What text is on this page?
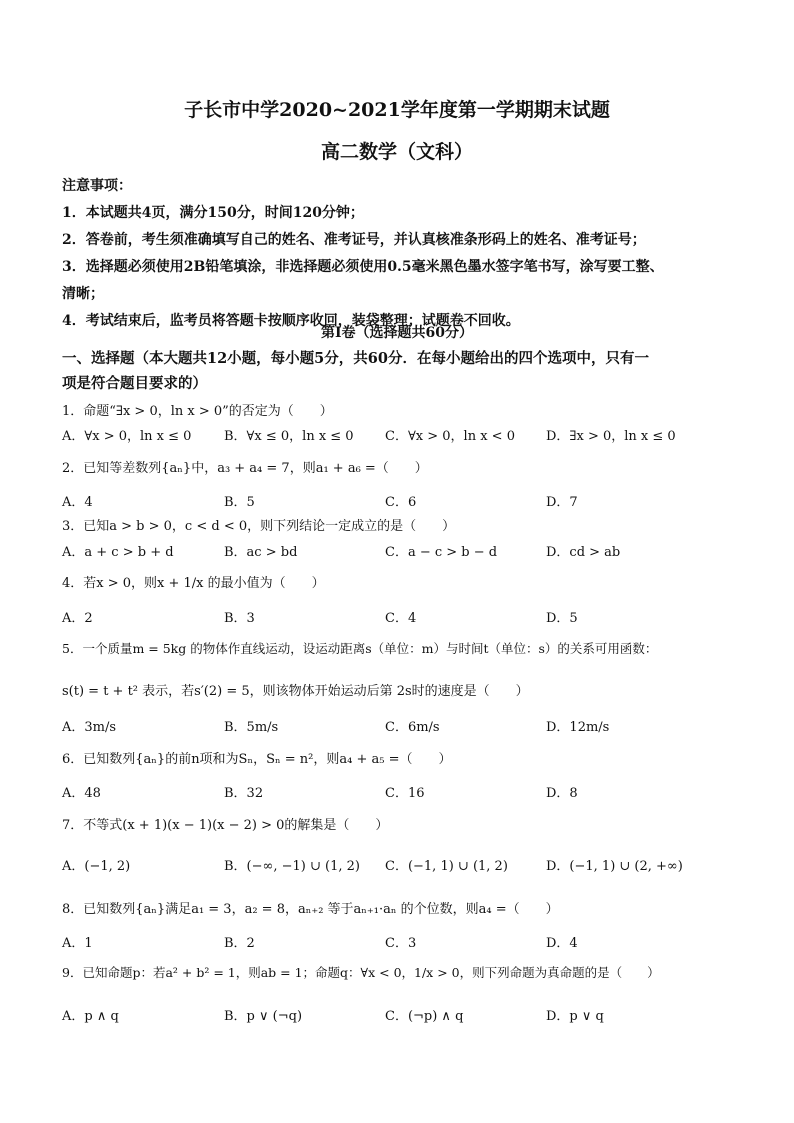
子长市中学2020~2021学年度第一学期期末试题
高二数学（文科）
注意事项：
1．本试题共4页，满分150分，时间120分钟；
2．答卷前，考生须准确填写自己的姓名、准考证号，并认真核准条形码上的姓名、准考证号；
3．选择题必须使用2B铅笔填涂，非选择题必须使用0.5毫米黑色墨水签字笔书写，涂写要工整、
清晰；
4．考试结束后，监考员将答题卡按顺序收回，装袋整理；试题卷不回收。
第I卷（选择题共60分）
一、选择题（本大题共12小题，每小题5分，共60分．在每小题给出的四个选项中，只有一
项是符合题目要求的）
1．命题“∃x > 0，ln x > 0”的否定为（　　）
A．∀x > 0，ln x ≤ 0	B．∀x ≤ 0，ln x ≤ 0 C．∀x > 0，ln x < 0 D．∃x > 0，ln x ≤ 0
2．已知等差数列{aₙ}中，a₃ + a₄ = 7，则a₁ + a₆ =（　　）
A．4	B．5	C．6	D．7
3．已知a > b > 0，c < d < 0，则下列结论一定成立的是（　　）
A．a + c > b + d	B．ac > bd	C．a − c > b − d	D．cd > ab
4．若x > 0，则x + 1/x 的最小值为（　　）
A．2	B．3	C．4	D．5
5．一个质量m = 5kg 的物体作直线运动，设运动距离s（单位：m）与时间t（单位：s）的关系可用函数：
s(t) = t + t² 表示，若s′(2) = 5，则该物体开始运动后第 2s时的速度是（　　）
A．3m/s	B．5m/s	C．6m/s	D．12m/s
6．已知数列{aₙ}的前n项和为Sₙ，Sₙ = n²，则a₄ + a₅ =（　　）
A．48	B．32	C．16	D．8
7．不等式(x + 1)(x − 1)(x − 2) > 0的解集是（　　）
A．(−1, 2)	B．(−∞, −1) ∪ (1, 2) C．(−1, 1) ∪ (1, 2)	D．(−1, 1) ∪ (2, +∞)
8．已知数列{aₙ}满足a₁ = 3，a₂ = 8，aₙ₊₂ 等于aₙ₊₁·aₙ 的个位数，则a₄ =（　　）
A．1	B．2	C．3	D．4
9．已知命题p：若a² + b² = 1，则ab = 1；命题q：∀x < 0，1/x > 0，则下列命题为真命题的是（　　）
A．p ∧ q	B．p ∨ (¬q)	C．(¬p) ∧ q	D．p ∨ q
